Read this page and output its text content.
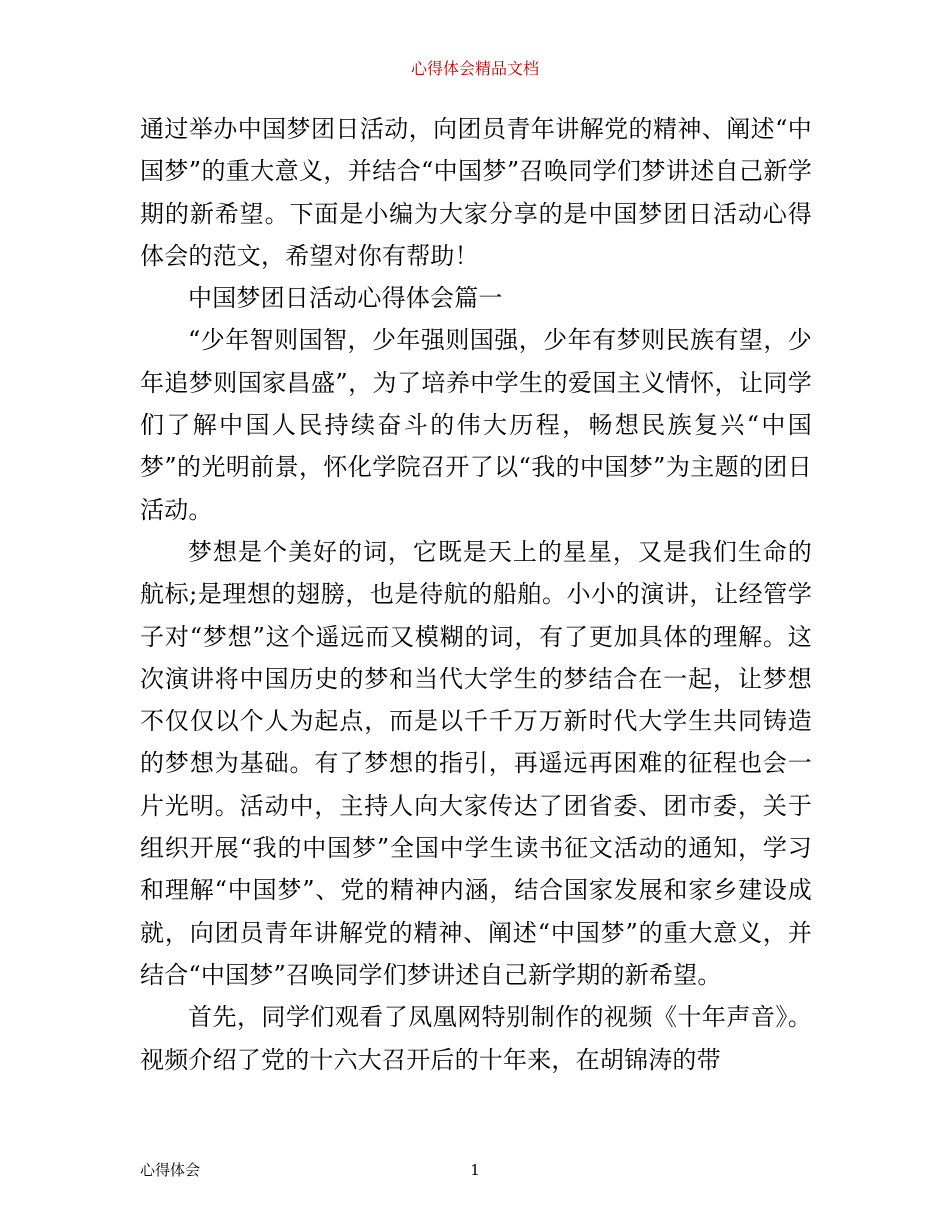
心得体会精品文档

通过举办中国梦团日活动，向团员青年讲解党的精神、阐述“中国梦”的重大意义，并结合“中国梦”召唤同学们梦讲述自己新学期的新希望。下面是小编为大家分享的是中国梦团日活动心得体会的范文，希望对你有帮助！

中国梦团日活动心得体会篇一

“少年智则国智，少年强则国强，少年有梦则民族有望，少年追梦则国家昌盛”，为了培养中学生的爱国主义情怀，让同学们了解中国人民持续奋斗的伟大历程，畅想民族复兴“中国梦”的光明前景，怀化学院召开了以“我的中国梦”为主题的团日活动。

梦想是个美好的词，它既是天上的星星，又是我们生命的航标;是理想的翅膀，也是待航的船舶。小小的演讲，让经管学子对“梦想”这个遥远而又模糊的词，有了更加具体的理解。这次演讲将中国历史的梦和当代大学生的梦结合在一起，让梦想不仅仅以个人为起点，而是以千千万万新时代大学生共同铸造的梦想为基础。有了梦想的指引，再遥远再困难的征程也会一片光明。活动中，主持人向大家传达了团省委、团市委，关于组织开展“我的中国梦”全国中学生读书征文活动的通知，学习和理解“中国梦”、党的精神内涵，结合国家发展和家乡建设成就，向团员青年讲解党的精神、阐述“中国梦”的重大意义，并结合“中国梦”召唤同学们梦讲述自己新学期的新希望。

首先，同学们观看了凤凰网特别制作的视频《十年声音》。视频介绍了党的十六大召开后的十年来，在胡锦涛的带

心得体会	1
